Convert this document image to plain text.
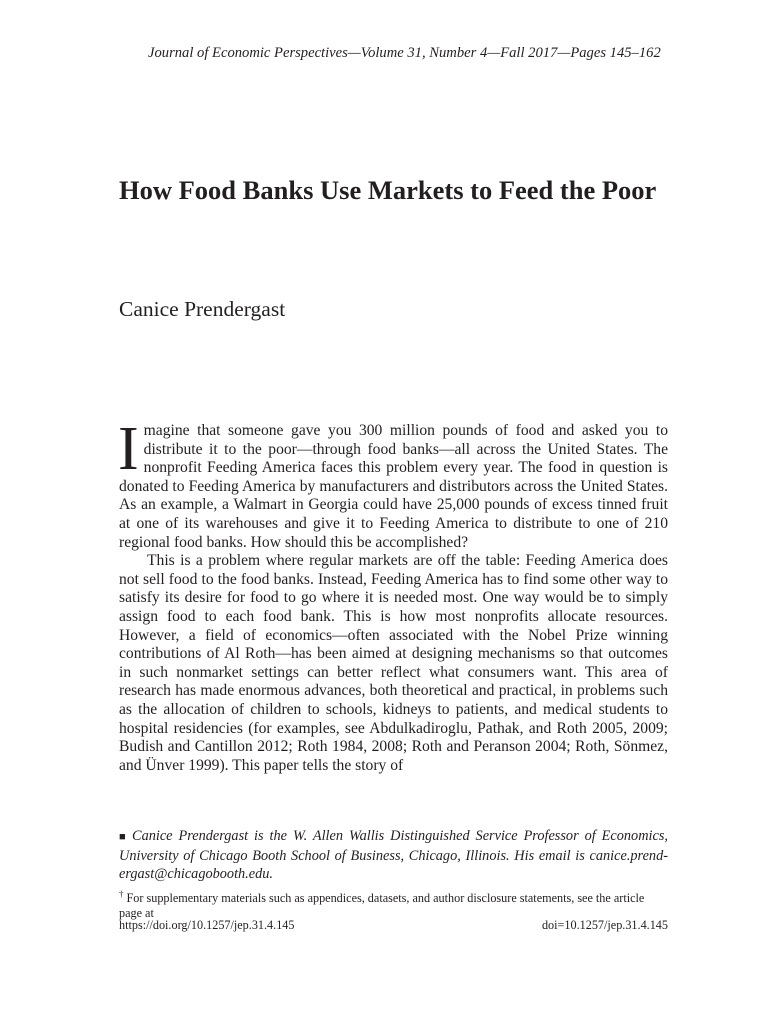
Journal of Economic Perspectives—Volume 31, Number 4—Fall 2017—Pages 145–162
How Food Banks Use Markets to Feed the Poor
Canice Prendergast

Imagine that someone gave you 300 million pounds of food and asked you to distribute it to the poor—through food banks—all across the United States. The nonprofit Feeding America faces this problem every year. The food in question is donated to Feeding America by manufacturers and distributors across the United States. As an example, a Walmart in Georgia could have 25,000 pounds of excess tinned fruit at one of its warehouses and give it to Feeding America to distribute to one of 210 regional food banks. How should this be accomplished?

This is a problem where regular markets are off the table: Feeding America does not sell food to the food banks. Instead, Feeding America has to find some other way to satisfy its desire for food to go where it is needed most. One way would be to simply assign food to each food bank. This is how most nonprofits allocate resources. However, a field of economics—often associated with the Nobel Prize winning contributions of Al Roth—has been aimed at designing mechanisms so that outcomes in such nonmarket settings can better reflect what consumers want. This area of research has made enormous advances, both theoretical and practical, in problems such as the allocation of children to schools, kidneys to patients, and medical students to hospital residencies (for examples, see Abdulkadiroglu, Pathak, and Roth 2005, 2009; Budish and Cantillon 2012; Roth 1984, 2008; Roth and Peranson 2004; Roth, Sönmez, and Ünver 1999). This paper tells the story of

■ Canice Prendergast is the W. Allen Wallis Distinguished Service Professor of Economics, University of Chicago Booth School of Business, Chicago, Illinois. His email is canice.prendergast@chicagobooth.edu.
† For supplementary materials such as appendices, datasets, and author disclosure statements, see the article page at
https://doi.org/10.1257/jep.31.4.145	doi=10.1257/jep.31.4.145
